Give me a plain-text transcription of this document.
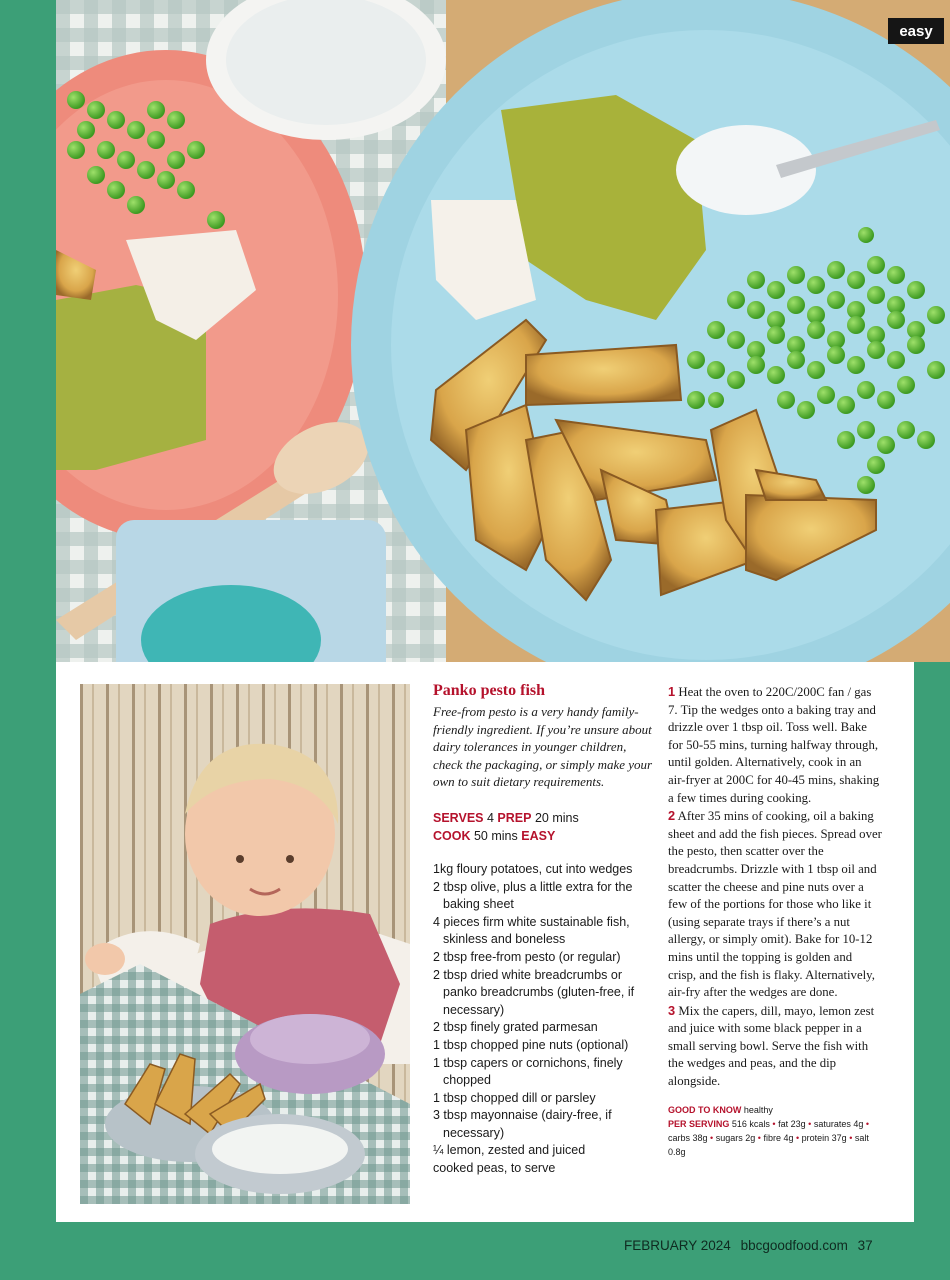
easy
Panko pesto fish

Free-from pesto is a very handy family-friendly ingredient. If you’re unsure about dairy tolerances in younger children, check the packaging, or simply make your own to suit dietary requirements.

SERVES 4 PREP 20 mins
COOK 50 mins EASY
1kg floury potatoes, cut into wedges
2 tbsp olive, plus a little extra for the baking sheet
4 pieces firm white sustainable fish, skinless and boneless
2 tbsp free-from pesto (or regular)
2 tbsp dried white breadcrumbs or panko breadcrumbs (gluten-free, if necessary)
2 tbsp finely grated parmesan
1 tbsp chopped pine nuts (optional)
1 tbsp capers or cornichons, finely chopped
1 tbsp chopped dill or parsley
3 tbsp mayonnaise (dairy-free, if necessary)
¼ lemon, zested and juiced
cooked peas, to serve

1 Heat the oven to 220C/200C fan / gas 7. Tip the wedges onto a baking tray and drizzle over 1 tbsp oil. Toss well. Bake for 50-55 mins, turning halfway through, until golden. Alternatively, cook in an air-fryer at 200C for 40-45 mins, shaking a few times during cooking.

2 After 35 mins of cooking, oil a baking sheet and add the fish pieces. Spread over the pesto, then scatter over the breadcrumbs. Drizzle with 1 tbsp oil and scatter the cheese and pine nuts over a few of the portions for those who like it (using separate trays if there’s a nut allergy, or simply omit). Bake for 10-12 mins until the topping is golden and crisp, and the fish is flaky. Alternatively, air-fry after the wedges are done.

3 Mix the capers, dill, mayo, lemon zest and juice with some black pepper in a small serving bowl. Serve the fish with the wedges and peas, and the dip alongside.

GOOD TO KNOW healthy
PER SERVING 516 kcals • fat 23g • saturates 4g • carbs 38g • sugars 2g • fibre 4g • protein 37g • salt 0.8g
FEBRUARY 2024 bbcgoodfood.com 37
